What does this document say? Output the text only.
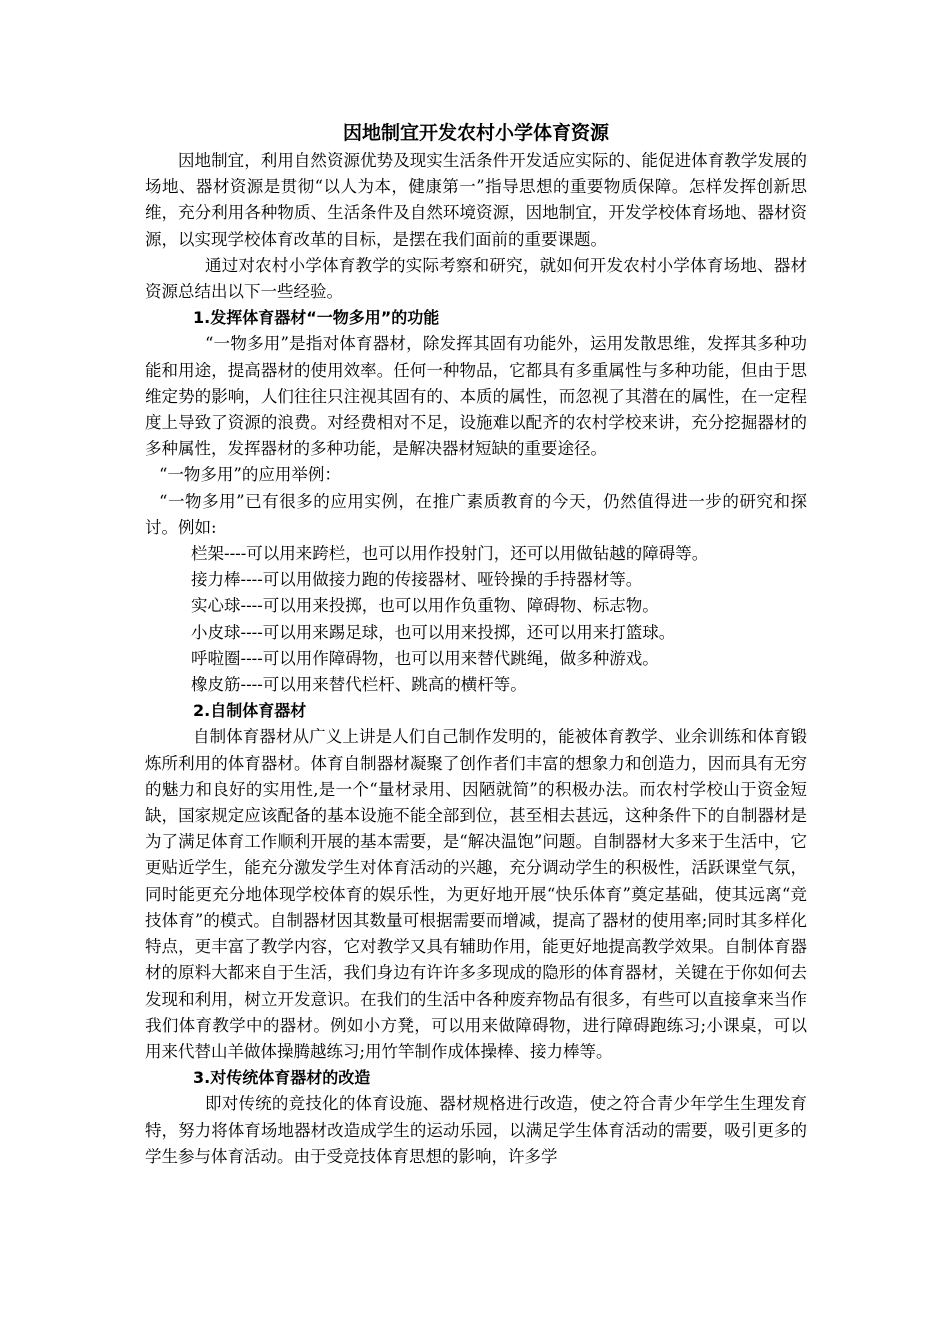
因地制宜开发农村小学体育资源

因地制宜，利用自然资源优势及现实生活条件开发适应实际的、能促进体育教学发展的场地、器材资源是贯彻“以人为本，健康第一”指导思想的重要物质保障。怎样发挥创新思维，充分利用各种物质、生活条件及自然环境资源，因地制宜，开发学校体育场地、器材资源，以实现学校体育改革的目标，是摆在我们面前的重要课题。

通过对农村小学体育教学的实际考察和研究，就如何开发农村小学体育场地、器材资源总结出以下一些经验。

1.发挥体育器材“一物多用”的功能

“一物多用”是指对体育器材，除发挥其固有功能外，运用发散思维，发挥其多种功能和用途，提高器材的使用效率。任何一种物品，它都具有多重属性与多种功能，但由于思维定势的影响，人们往往只注视其固有的、本质的属性，而忽视了其潜在的属性，在一定程度上导致了资源的浪费。对经费相对不足，设施难以配齐的农村学校来讲，充分挖掘器材的多种属性，发挥器材的多种功能，是解决器材短缺的重要途径。

“一物多用”的应用举例：

“一物多用”已有很多的应用实例，在推广素质教育的今天，仍然值得进一步的研究和探讨。例如:

栏架----可以用来跨栏，也可以用作投射门，还可以用做钻越的障碍等。

接力棒----可以用做接力跑的传接器材、哑铃操的手持器材等。

实心球----可以用来投掷，也可以用作负重物、障碍物、标志物。

小皮球----可以用来踢足球，也可以用来投掷，还可以用来打篮球。

呼啦圈----可以用作障碍物，也可以用来替代跳绳，做多种游戏。

橡皮筋----可以用来替代栏杆、跳高的横杆等。

2.自制体育器材

自制体育器材从广义上讲是人们自己制作发明的，能被体育教学、业余训练和体育锻炼所利用的体育器材。体育自制器材凝聚了创作者们丰富的想象力和创造力，因而具有无穷的魅力和良好的实用性,是一个“量材录用、因陋就简”的积极办法。而农村学校山于资金短缺，国家规定应该配备的基本设施不能全部到位，甚至相去甚远，这种条件下的自制器材是为了满足体育工作顺利开展的基本需要，是“解决温饱”问题。自制器材大多来于生活中，它更贴近学生，能充分激发学生对体育活动的兴趣，充分调动学生的积极性，活跃课堂气氛，同时能更充分地体现学校体育的娱乐性，为更好地开展“快乐体育”奠定基础，使其远离“竞技体育”的模式。自制器材因其数量可根据需要而增减，提高了器材的使用率;同时其多样化特点，更丰富了教学内容，它对教学又具有辅助作用，能更好地提高教学效果。自制体育器材的原料大都来自于生活，我们身边有许许多多现成的隐形的体育器材，关键在于你如何去发现和利用，树立开发意识。在我们的生活中各种废弃物品有很多，有些可以直接拿来当作我们体育教学中的器材。例如小方凳，可以用来做障碍物，进行障碍跑练习;小课桌，可以用来代替山羊做体操腾越练习;用竹竿制作成体操棒、接力棒等。

3.对传统体育器材的改造

即对传统的竞技化的体育设施、器材规格进行改造，使之符合青少年学生生理发育特，努力将体育场地器材改造成学生的运动乐园，以满足学生体育活动的需要，吸引更多的学生参与体育活动。由于受竞技体育思想的影响，许多学
